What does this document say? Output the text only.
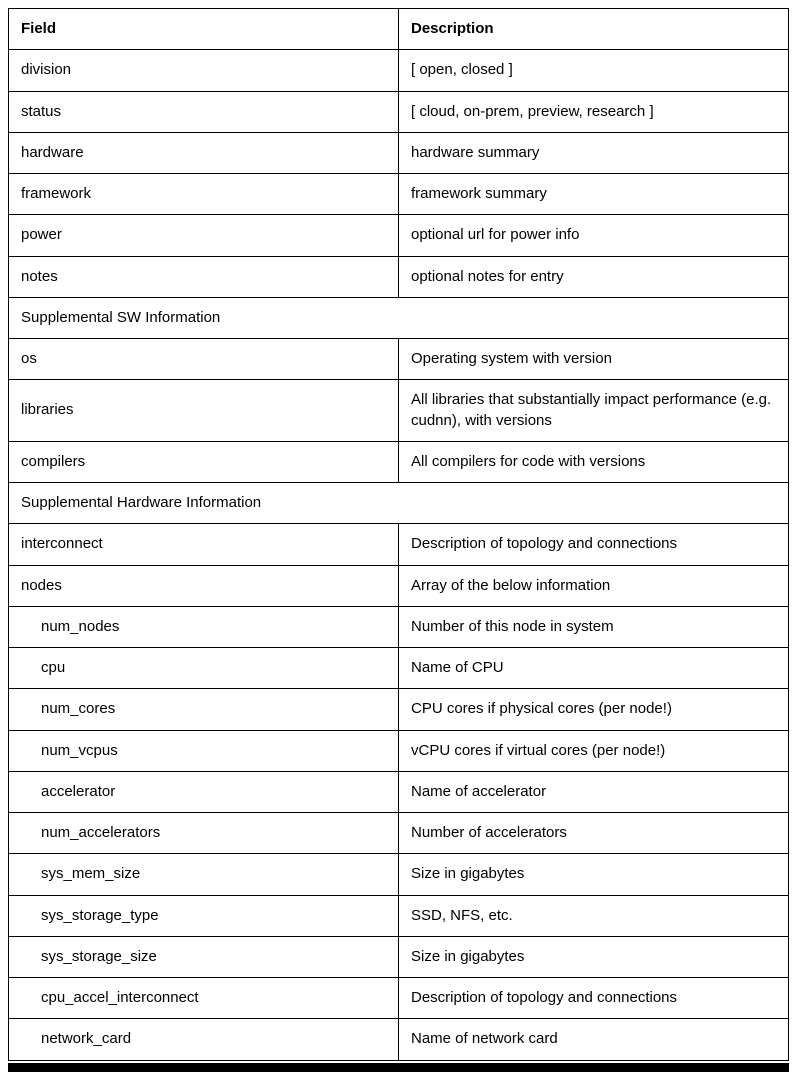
Field	Description
division	[ open, closed ]
status	[ cloud, on-prem, preview, research ]
hardware	hardware summary
framework	framework summary
power	optional url for power info
notes	optional notes for entry
Supplemental SW Information	
os	Operating system with version
libraries	All libraries that substantially impact performance (e.g. cudnn), with versions
compilers	All compilers for code with versions
Supplemental Hardware Information	
interconnect	Description of topology and connections
nodes	Array of the below information
num_nodes	Number of this node in system
cpu	Name of CPU
num_cores	CPU cores if physical cores (per node!)
num_vcpus	vCPU cores if virtual cores (per node!)
accelerator	Name of accelerator
num_accelerators	Number of accelerators
sys_mem_size	Size in gigabytes
sys_storage_type	SSD, NFS, etc.
sys_storage_size	Size in gigabytes
cpu_accel_interconnect	Description of topology and connections
network_card	Name of network card
